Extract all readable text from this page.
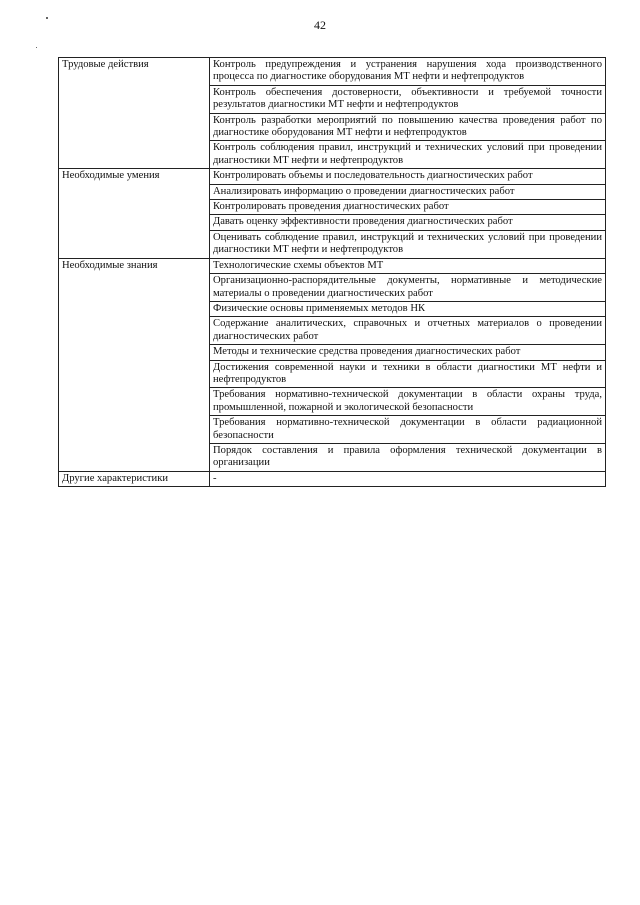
42
Трудовые действия	Контроль предупреждения и устранения нарушения хода производственного процесса по диагностике оборудования МТ нефти и нефтепродуктов
	Контроль обеспечения достоверности, объективности и требуемой точности результатов диагностики МТ нефти и нефтепродуктов
	Контроль разработки мероприятий по повышению качества проведения работ по диагностике оборудования МТ нефти и нефтепродуктов
	Контроль соблюдения правил, инструкций и технических условий при проведении диагностики МТ нефти и нефтепродуктов

Необходимые умения	Контролировать объемы и последовательность диагностических работ
	Анализировать информацию о проведении диагностических работ
	Контролировать проведения диагностических работ
	Давать оценку эффективности проведения диагностических работ
	Оценивать соблюдение правил, инструкций и технических условий при проведении диагностики МТ нефти и нефтепродуктов

Необходимые знания	Технологические схемы объектов МТ
	Организационно-распорядительные документы, нормативные и методические материалы о проведении диагностических работ
	Физические основы применяемых методов НК
	Содержание аналитических, справочных и отчетных материалов о проведении диагностических работ
	Методы и технические средства проведения диагностических работ
	Достижения современной науки и техники в области диагностики МТ нефти и нефтепродуктов
	Требования нормативно-технической документации в области охраны труда, промышленной, пожарной и экологической безопасности
	Требования нормативно-технической документации в области радиационной безопасности
	Порядок составления и правила оформления технической документации в организации

Другие характеристики	-
